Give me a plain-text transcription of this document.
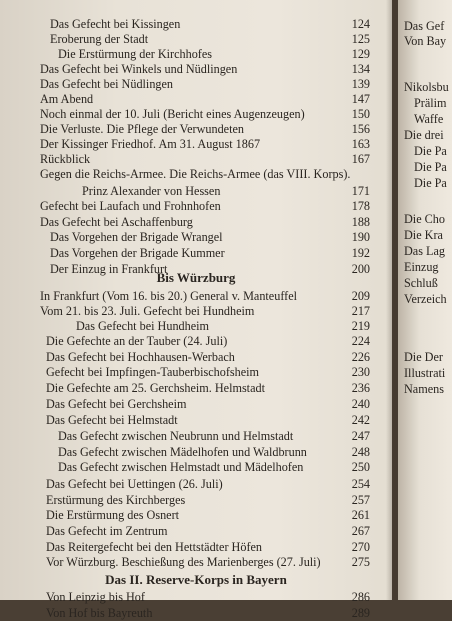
Das Gefecht bei Kissingen	124
Eroberung der Stadt	125
Die Erstürmung der Kirchhofes	129
Das Gefecht bei Winkels und Nüdlingen	134
Das Gefecht bei Nüdlingen	139
Am Abend	147
Noch einmal der 10. Juli (Bericht eines Augenzeugen)	150
Die Verluste. Die Pflege der Verwundeten	156
Der Kissinger Friedhof. Am 31. August 1867	163
Rückblick	167
Gegen die Reichs-Armee. Die Reichs-Armee (das VIII. Korps).
Prinz Alexander von Hessen	171
Gefecht bei Laufach und Frohnhofen	178
Das Gefecht bei Aschaffenburg	188
Das Vorgehen der Brigade Wrangel	190
Das Vorgehen der Brigade Kummer	192
Der Einzug in Frankfurt	200
Bis Würzburg
In Frankfurt (Vom 16. bis 20.) General v. Manteuffel	209
Vom 21. bis 23. Juli. Gefecht bei Hundheim	217
Das Gefecht bei Hundheim	219
Die Gefechte an der Tauber (24. Juli)	224
Das Gefecht bei Hochhausen-Werbach	226
Gefecht bei Impfingen-Tauberbischofsheim	230
Die Gefechte am 25. Gerchsheim. Helmstadt	236
Das Gefecht bei Gerchsheim	240
Das Gefecht bei Helmstadt	242
Das Gefecht zwischen Neubrunn und Helmstadt	247
Das Gefecht zwischen Mädelhofen und Waldbrunn	248
Das Gefecht zwischen Helmstadt und Mädelhofen	250
Das Gefecht bei Uettingen (26. Juli)	254
Erstürmung des Kirchberges	257
Die Erstürmung des Osnert	261
Das Gefecht im Zentrum	267
Das Reitergefecht bei den Hettstädter Höfen	270
Vor Würzburg. Beschießung des Marienberges (27. Juli)	275
Das II. Reserve-Korps in Bayern
Von Leipzig bis Hof	286
Von Hof bis Bayreuth	289
Das Gef
Von Bay
Nikolsbu
Prälim
Waffe
Die drei
Die Pa
Die Pa
Die Pa
Die Cho
Die Kra
Das Lag
Einzug
Schluß
Verzeich
Die Der
Illustrati
Namens
